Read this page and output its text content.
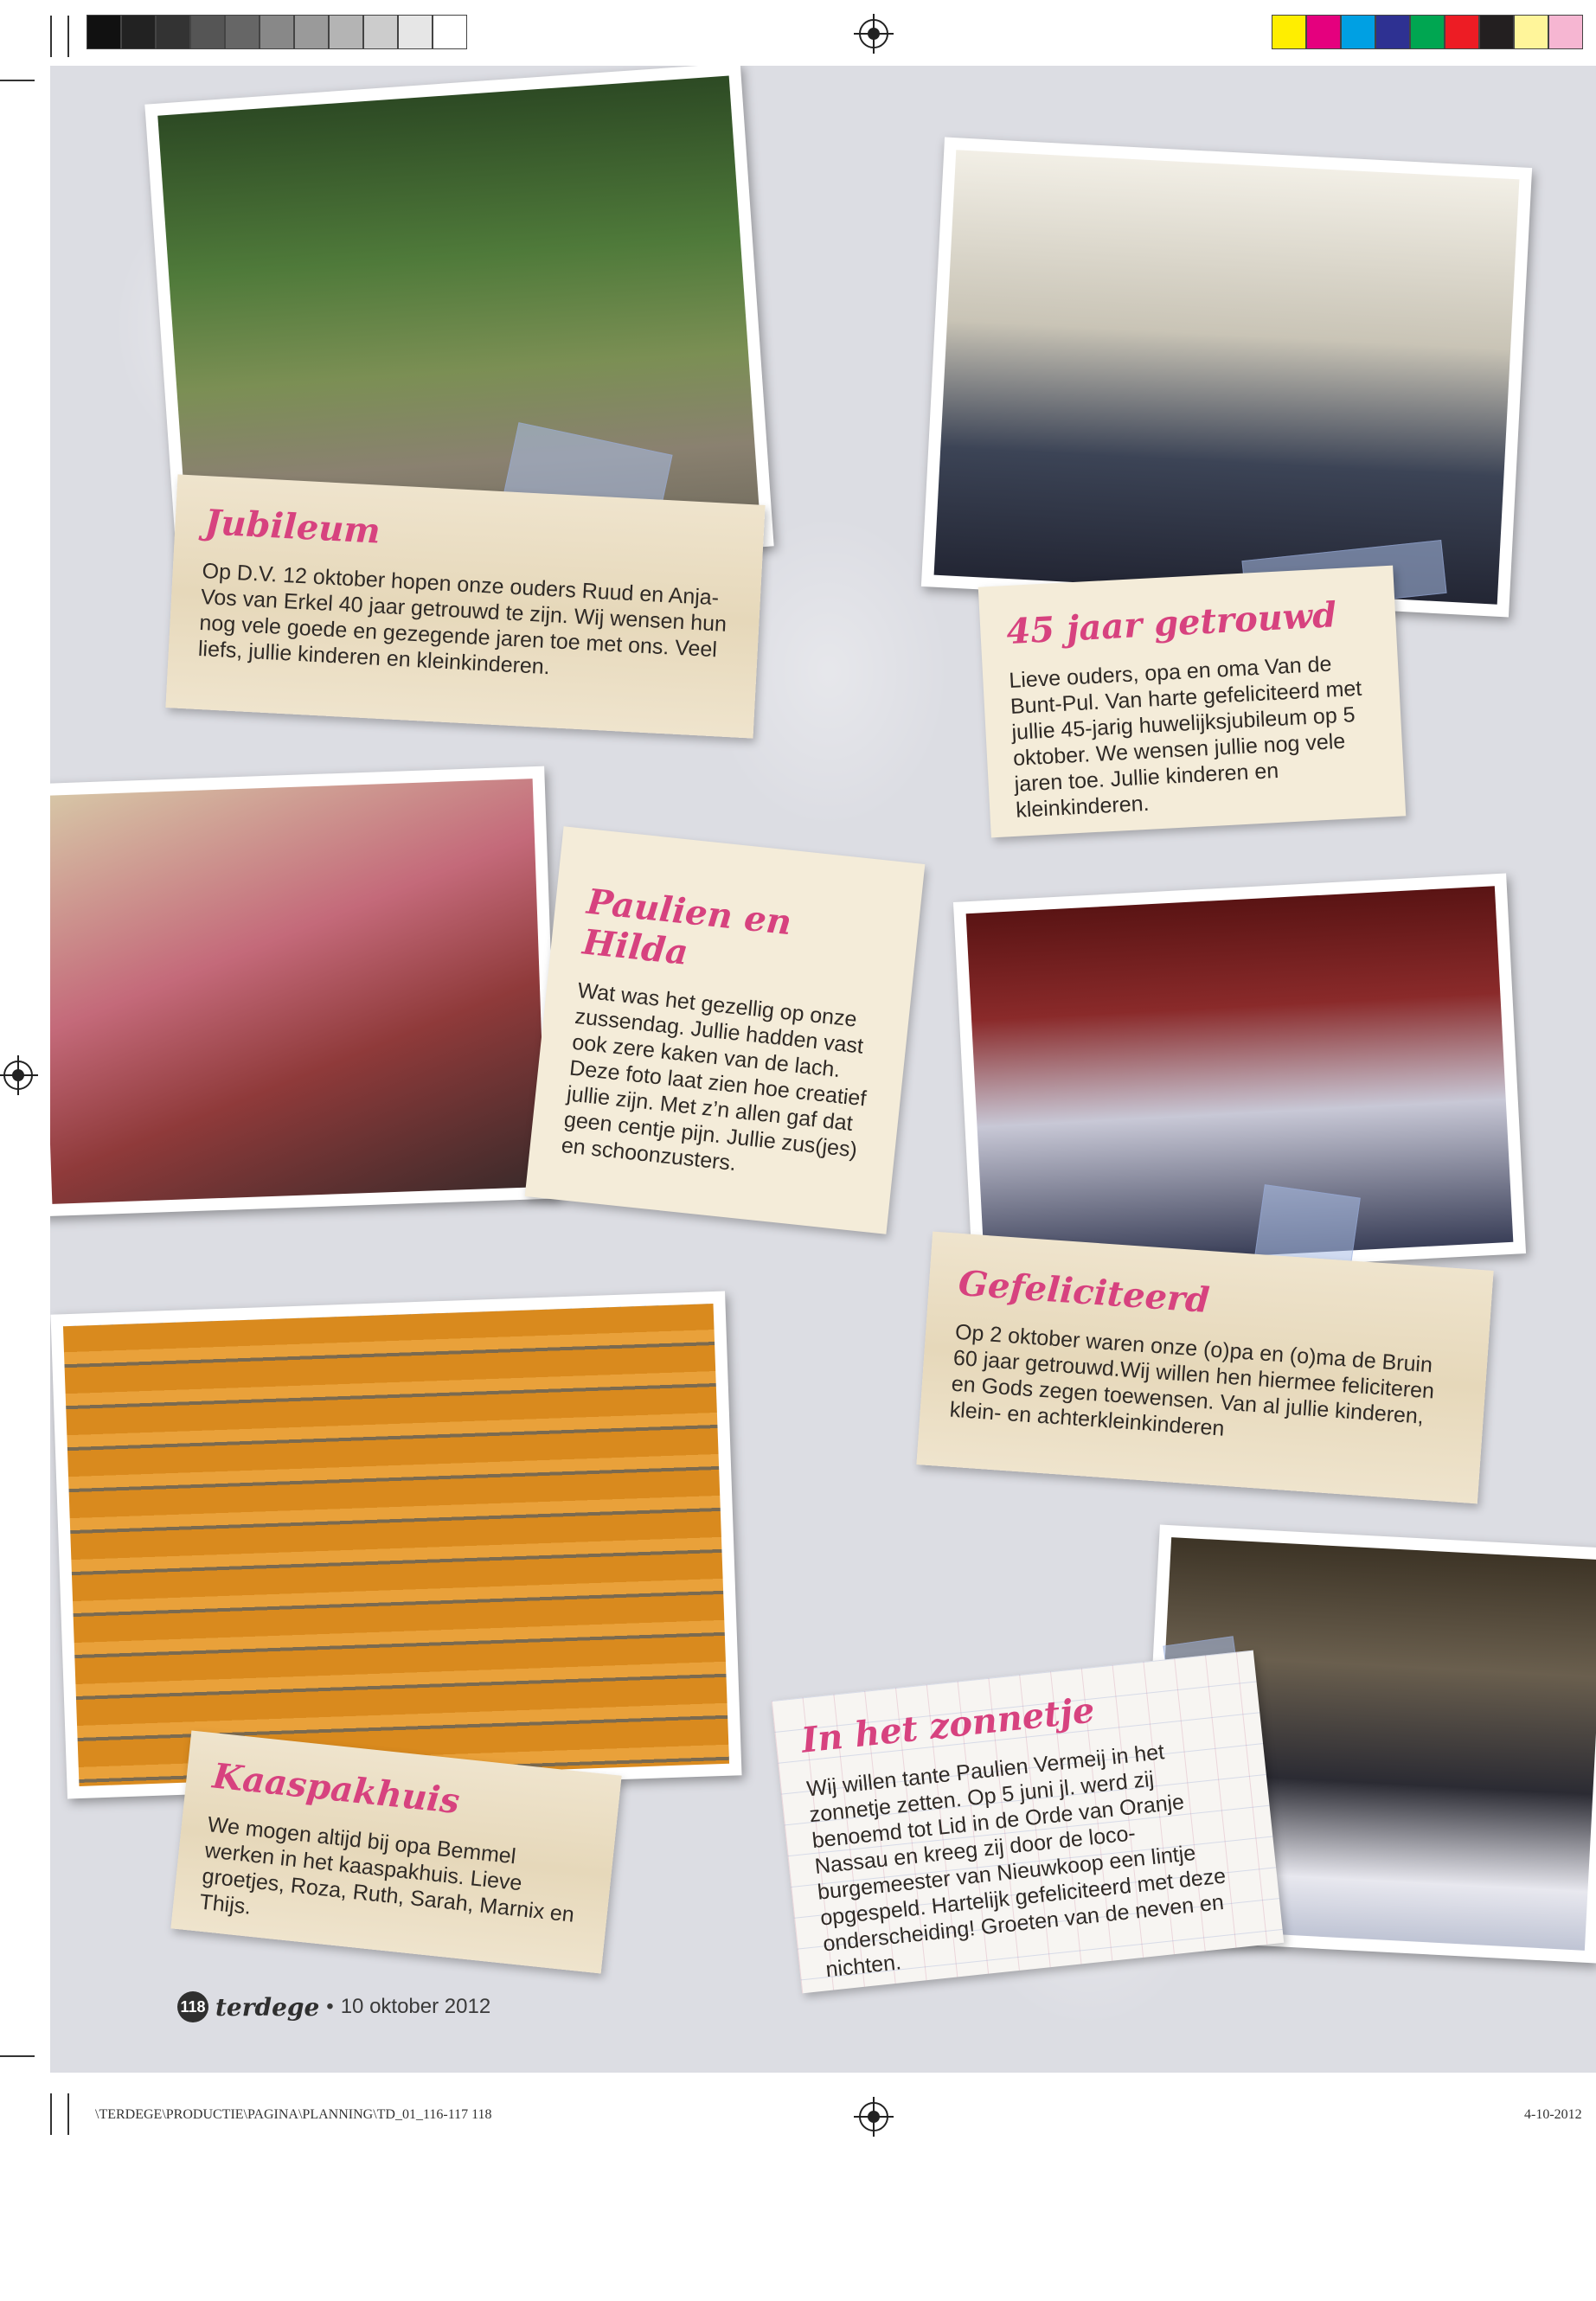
Jubileum

Op D.V. 12 oktober hopen onze ouders Ruud en Anja-Vos van Erkel 40 jaar getrouwd te zijn. Wij wensen hun nog vele goede en gezegende jaren toe met ons. Veel liefs, jullie kinderen en kleinkinderen.

45 jaar getrouwd

Lieve ouders, opa en oma Van de Bunt-Pul. Van harte gefeliciteerd met jullie 45-jarig huwelijksjubileum op 5 oktober. We wensen jullie nog vele jaren toe. Jullie kinderen en kleinkinderen.

Paulien en Hilda

Wat was het gezellig op onze zussendag. Jullie hadden vast ook zere kaken van de lach. Deze foto laat zien hoe creatief jullie zijn. Met z’n allen gaf dat geen centje pijn. Jullie zus(jes) en schoonzusters.

Gefeliciteerd

Op 2 oktober waren onze (o)pa en (o)ma de Bruin 60 jaar getrouwd.Wij willen hen hiermee feliciteren en Gods zegen toewensen. Van al jullie kinderen, klein- en achterkleinkinderen

Kaaspakhuis

We mogen altijd bij opa Bemmel werken in het kaaspakhuis. Lieve groetjes, Roza, Ruth, Sarah, Marnix en Thijs.

In het zonnetje

Wij willen tante Paulien Vermeij in het zonnetje zetten. Op 5 juni jl. werd zij benoemd tot Lid in de Orde van Oranje Nassau en kreeg zij door de loco-burgemeester van Nieuwkoop een lintje opgespeld. Hartelijk gefeliciteerd met deze onderscheiding! Groeten van de neven en nichten.

118 terdege • 10 oktober 2012
\TERDEGE\PRODUCTIE\PAGINA\PLANNING\TD_01_116-117 118	4-10-2012
